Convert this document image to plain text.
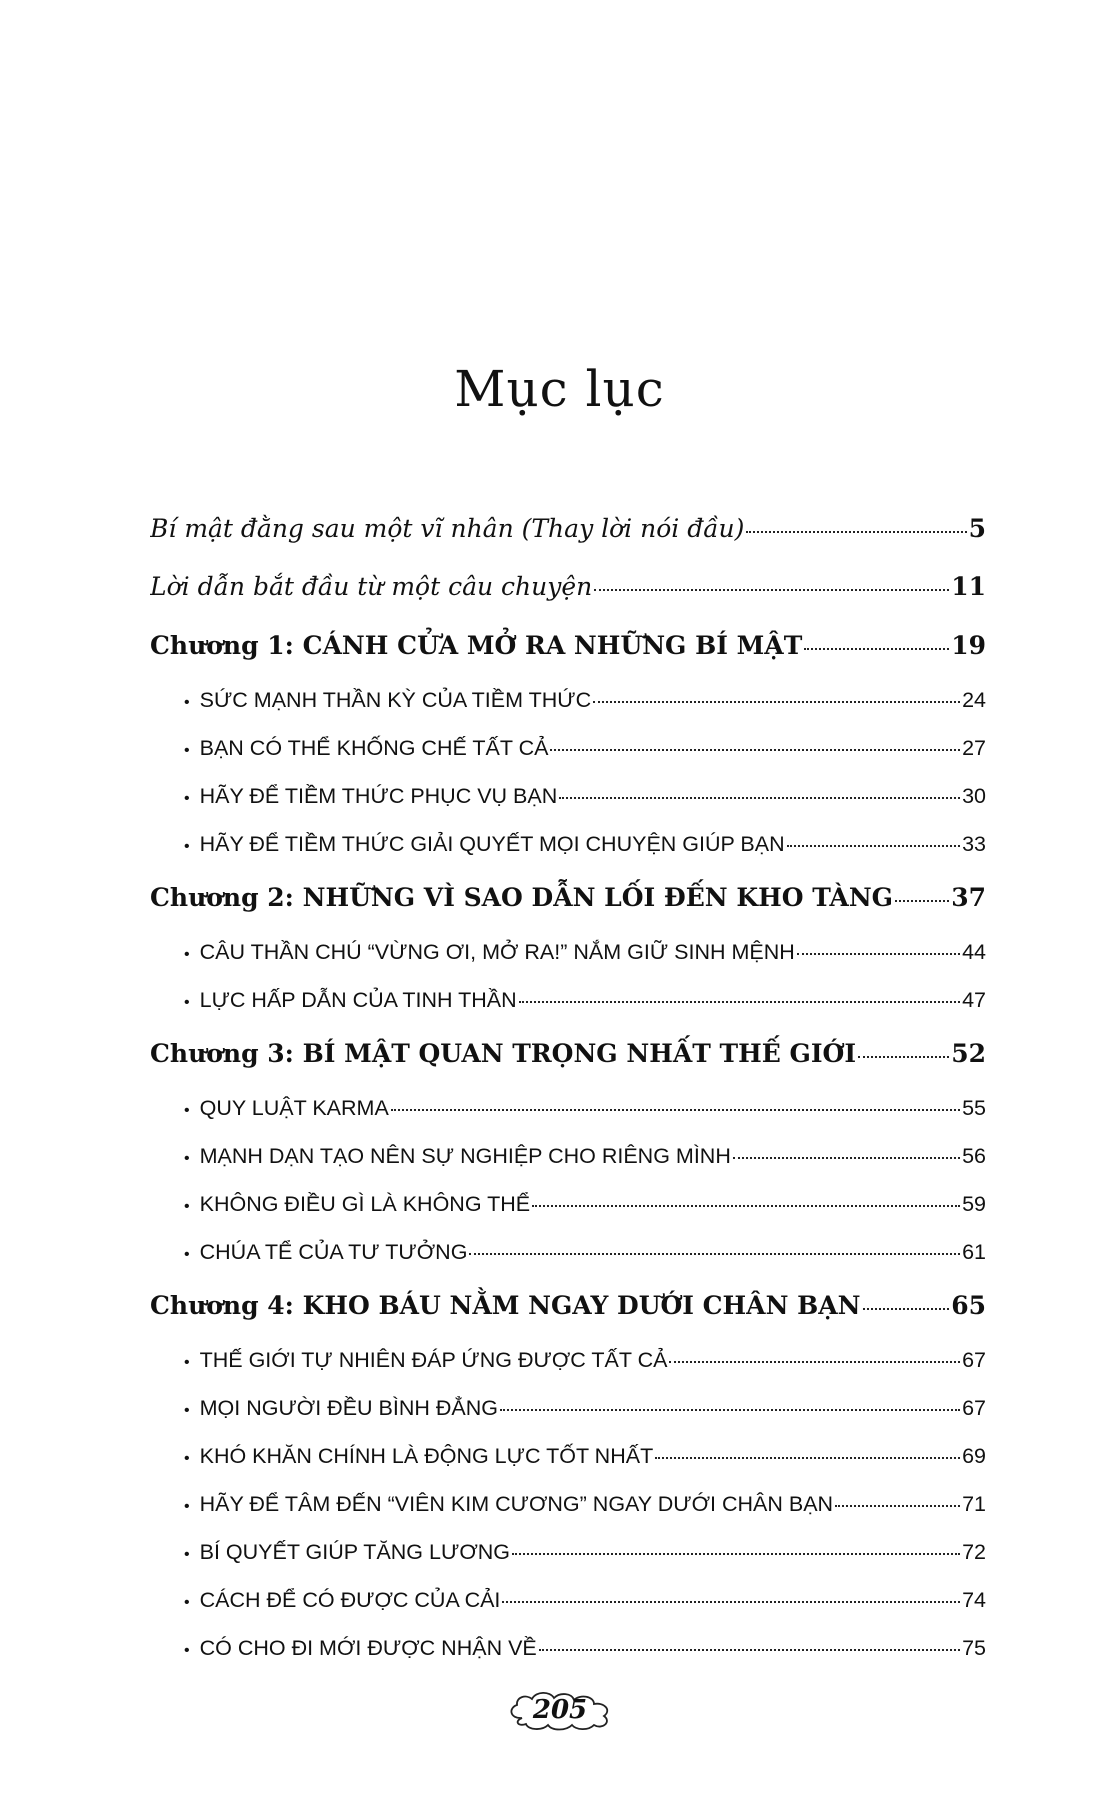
Mục lục
Bí mật đằng sau một vĩ nhân (Thay lời nói đầu)	5
Lời dẫn bắt đầu từ một câu chuyện	11
Chương 1: CÁNH CỬA MỞ RA NHỮNG BÍ MẬT	19
• SỨC MẠNH THẦN KỲ CỦA TIỀM THỨC	24
• BẠN CÓ THỂ KHỐNG CHẾ TẤT CẢ	27
• HÃY ĐỂ TIỀM THỨC PHỤC VỤ BẠN	30
• HÃY ĐỂ TIỀM THỨC GIẢI QUYẾT MỌI CHUYỆN GIÚP BẠN	33
Chương 2: NHỮNG VÌ SAO DẪN LỐI ĐẾN KHO TÀNG 37
• CÂU THẦN CHÚ “VỪNG ƠI, MỞ RA!” NẮM GIỮ SINH MỆNH	44
• LỰC HẤP DẪN CỦA TINH THẦN	47
Chương 3: BÍ MẬT QUAN TRỌNG NHẤT THẾ GIỚI	52
• QUY LUẬT KARMA	55
• MẠNH DẠN TẠO NÊN SỰ NGHIỆP CHO RIÊNG MÌNH	56
• KHÔNG ĐIỀU GÌ LÀ KHÔNG THỂ	59
• CHÚA TỂ CỦA TƯ TƯỞNG	61
Chương 4: KHO BÁU NẰM NGAY DƯỚI CHÂN BẠN	65
• THẾ GIỚI TỰ NHIÊN ĐÁP ỨNG ĐƯỢC TẤT CẢ	67
• MỌI NGƯỜI ĐỀU BÌNH ĐẲNG	67
• KHÓ KHĂN CHÍNH LÀ ĐỘNG LỰC TỐT NHẤT	69
• HÃY ĐỂ TÂM ĐẾN “VIÊN KIM CƯƠNG” NGAY DƯỚI CHÂN BẠN	71
• BÍ QUYẾT GIÚP TĂNG LƯƠNG	72
• CÁCH ĐỂ CÓ ĐƯỢC CỦA CẢI	74
• CÓ CHO ĐI MỚI ĐƯỢC NHẬN VỀ	75
205
